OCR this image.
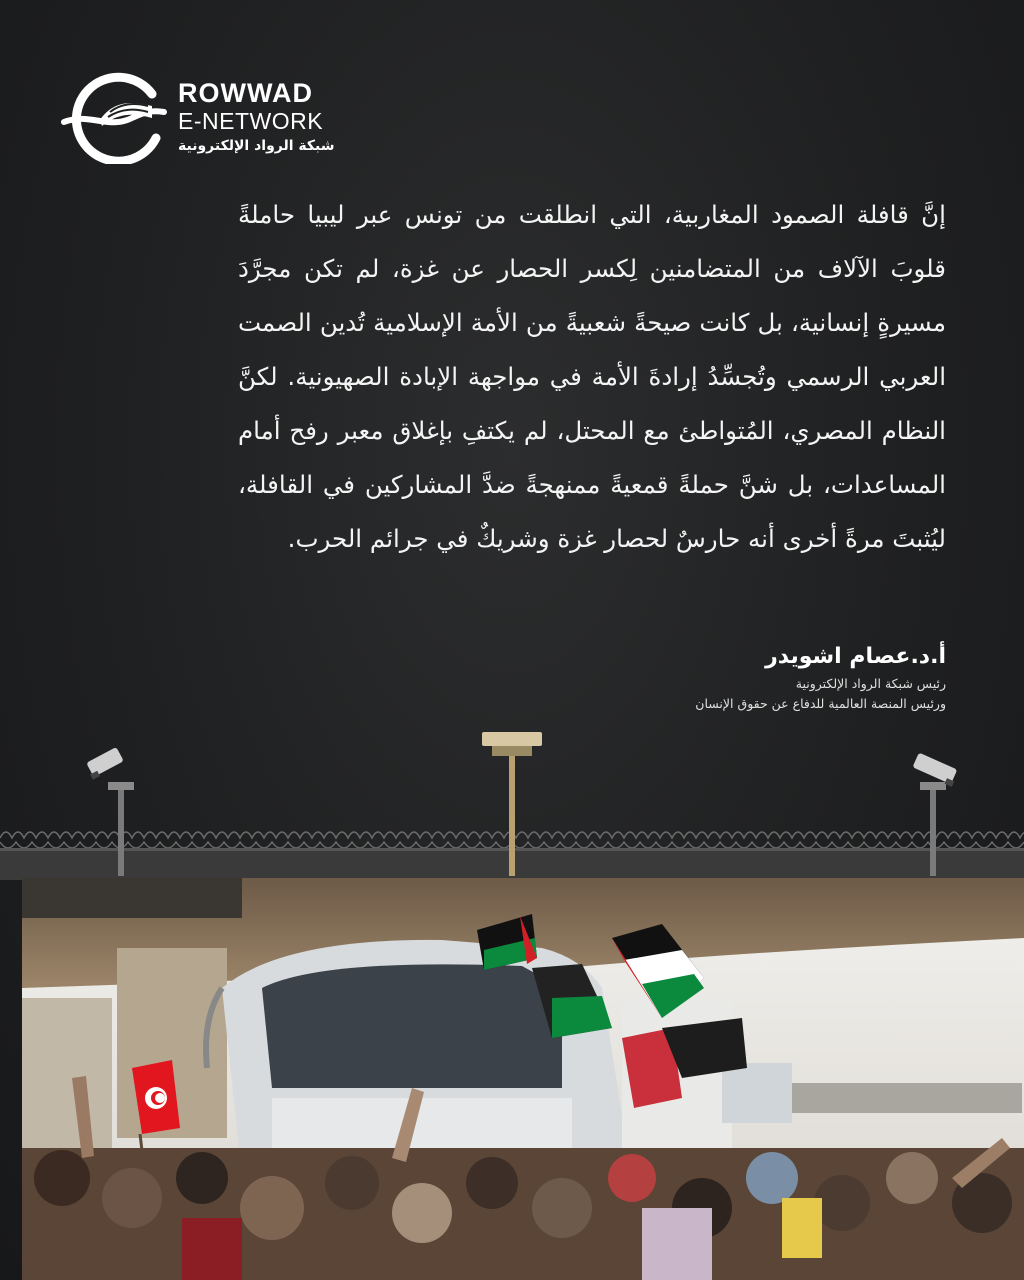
ROWWAD
E-NETWORK
شبكة الرواد الإلكترونية
إنَّ قافلة الصمود المغاربية، التي انطلقت من تونس عبر ليبيا حاملةً قلوبَ الآلاف من المتضامنين لِكسر الحصار عن غزة، لم تكن مجرَّدَ مسيرةٍ إنسانية، بل كانت صيحةً شعبيةً من الأمة الإسلامية تُدين الصمت العربي الرسمي وتُجسِّدُ إرادةَ الأمة في مواجهة الإبادة الصهيونية. لكنَّ النظام المصري، المُتواطئ مع المحتل، لم يكتفِ بإغلاق معبر رفح أمام المساعدات، بل شنَّ حملةً قمعيةً ممنهجةً ضدَّ المشاركين في القافلة، ليُثبتَ مرةً أخرى أنه حارسٌ لحصار غزة وشريكٌ في جرائم الحرب.
أ.د.عصام اشويدر
رئيس شبكة الرواد الإلكترونية
ورئيس المنصة العالمية للدفاع عن حقوق الإنسان
